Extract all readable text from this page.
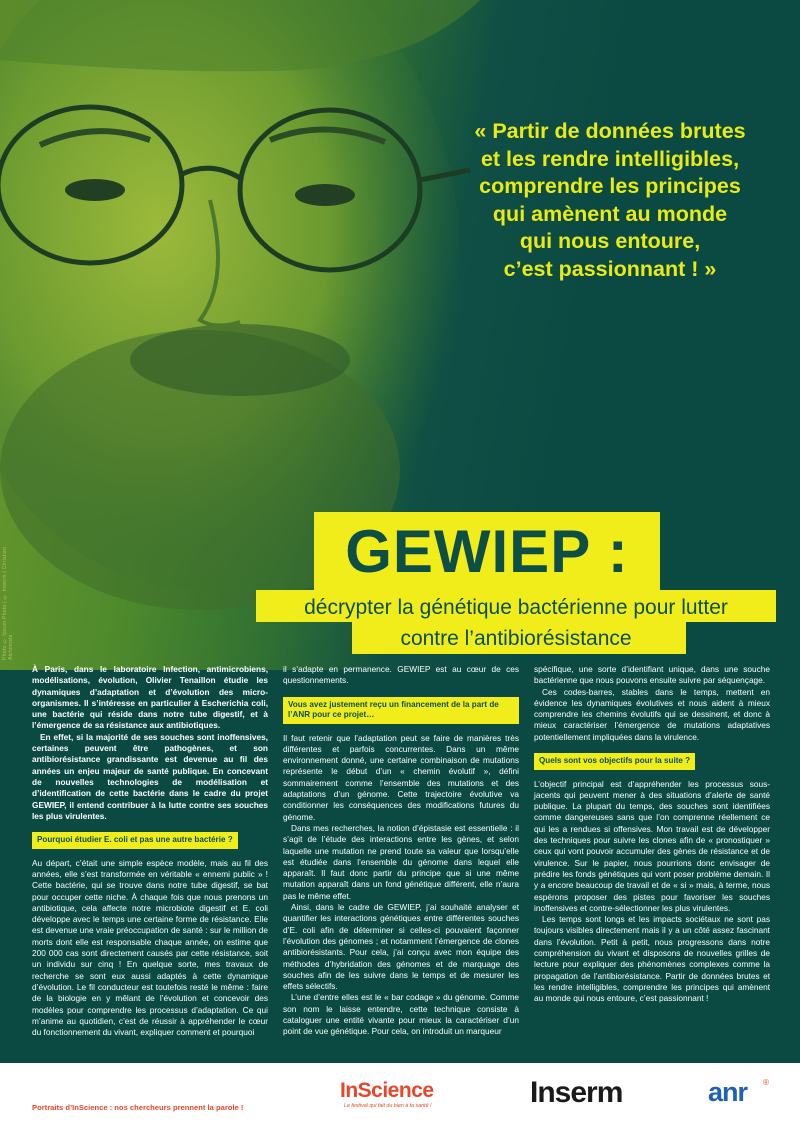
Photo © Ipsum Photo | © Inserm | Christian Alchimiste
« Partir de données brutes
et les rendre intelligibles,
comprendre les principes
qui amènent au monde
qui nous entoure,
c’est passionnant ! »
GEWIEP :
décrypter la génétique bactérienne pour lutter
contre l’antibiorésistance

À Paris, dans le laboratoire Infection, antimicrobiens, modélisations, évolution, Olivier Tenaillon étudie les dynamiques d’adaptation et d’évolution des micro-organismes. Il s’intéresse en particulier à Escherichia coli, une bactérie qui réside dans notre tube digestif, et à l’émergence de sa résistance aux antibiotiques.

En effet, si la majorité de ses souches sont inoffensives, certaines peuvent être pathogènes, et son antibiorésistance grandissante est devenue au fil des années un enjeu majeur de santé publique. En concevant de nouvelles technologies de modélisation et d’identification de cette bactérie dans le cadre du projet GEWIEP, il entend contribuer à la lutte contre ses souches les plus virulentes.

Pourquoi étudier E. coli et pas une autre bactérie ?

Au départ, c’était une simple espèce modèle, mais au fil des années, elle s’est transformée en véritable « ennemi public » ! Cette bactérie, qui se trouve dans notre tube digestif, se bat pour occuper cette niche. À chaque fois que nous prenons un antibiotique, cela affecte notre microbiote digestif et E. coli développe avec le temps une certaine forme de résistance. Elle est devenue une vraie préoccupation de santé : sur le million de morts dont elle est responsable chaque année, on estime que 200 000 cas sont directement causés par cette résistance, soit un individu sur cinq ! En quelque sorte, mes travaux de recherche se sont eux aussi adaptés à cette dynamique d’évolution. Le fil conducteur est toutefois resté le même : faire de la biologie en y mêlant de l’évolution et concevoir des modèles pour comprendre les processus d’adaptation. Ce qui m’anime au quotidien, c’est de réussir à appréhender le cœur du fonctionnement du vivant, expliquer comment et pourquoi

il s’adapte en permanence. GEWIEP est au cœur de ces questionnements.

Vous avez justement reçu un financement de la part de l’ANR pour ce projet…

Il faut retenir que l’adaptation peut se faire de manières très différentes et parfois concurrentes. Dans un même environnement donné, une certaine combinaison de mutations représente le début d’un « chemin évolutif », défini sommairement comme l’ensemble des mutations et des adaptations d’un génome. Cette trajectoire évolutive va conditionner les conséquences des modifications futures du génome.

Dans mes recherches, la notion d’épistasie est essentielle : il s’agit de l’étude des interactions entre les gènes, et selon laquelle une mutation ne prend toute sa valeur que lorsqu’elle est étudiée dans l’ensemble du génome dans lequel elle apparaît. Il faut donc partir du principe que si une même mutation apparaît dans un fond génétique différent, elle n’aura pas le même effet.

Ainsi, dans le cadre de GEWIEP, j’ai souhaité analyser et quantifier les interactions génétiques entre différentes souches d’E. coli afin de déterminer si celles-ci pouvaient façonner l’évolution des génomes ; et notamment l’émergence de clones antibiorésistants. Pour cela, j’ai conçu avec mon équipe des méthodes d’hybridation des génomes et de marquage des souches afin de les suivre dans le temps et de mesurer les effets sélectifs.

L’une d’entre elles est le « bar codage » du génome. Comme son nom le laisse entendre, cette technique consiste à cataloguer une entité vivante pour mieux la caractériser d’un point de vue génétique. Pour cela, on introduit un marqueur

spécifique, une sorte d’identifiant unique, dans une souche bactérienne que nous pouvons ensuite suivre par séquençage.

Ces codes-barres, stables dans le temps, mettent en évidence les dynamiques évolutives et nous aident à mieux comprendre les chemins évolutifs qui se dessinent, et donc à mieux caractériser l’émergence de mutations adaptatives potentiellement impliquées dans la virulence.

Quels sont vos objectifs pour la suite ?

L’objectif principal est d’appréhender les processus sous-jacents qui peuvent mener à des situations d’alerte de santé publique. La plupart du temps, des souches sont identifiées comme dangereuses sans que l’on comprenne réellement ce qui les a rendues si offensives. Mon travail est de développer des techniques pour suivre les clones afin de « pronostiquer » ceux qui vont pouvoir accumuler des gènes de résistance et de virulence. Sur le papier, nous pourrions donc envisager de prédire les fonds génétiques qui vont poser problème demain. Il y a encore beaucoup de travail et de « si » mais, à terme, nous espérons proposer des pistes pour favoriser les souches inoffensives et contre-sélectionner les plus virulentes.

Les temps sont longs et les impacts sociétaux ne sont pas toujours visibles directement mais il y a un côté assez fascinant dans l’évolution. Petit à petit, nous progressons dans notre compréhension du vivant et disposons de nouvelles grilles de lecture pour expliquer des phénomènes complexes comme la propagation de l’antibiorésistance. Partir de données brutes et les rendre intelligibles, comprendre les principes qui amènent au monde qui nous entoure, c’est passionnant !

Portraits d’InScience : nos chercheurs prennent la parole !
InScience
Le festival qui fait du bien à ta santé !	Inserm	anr ®
